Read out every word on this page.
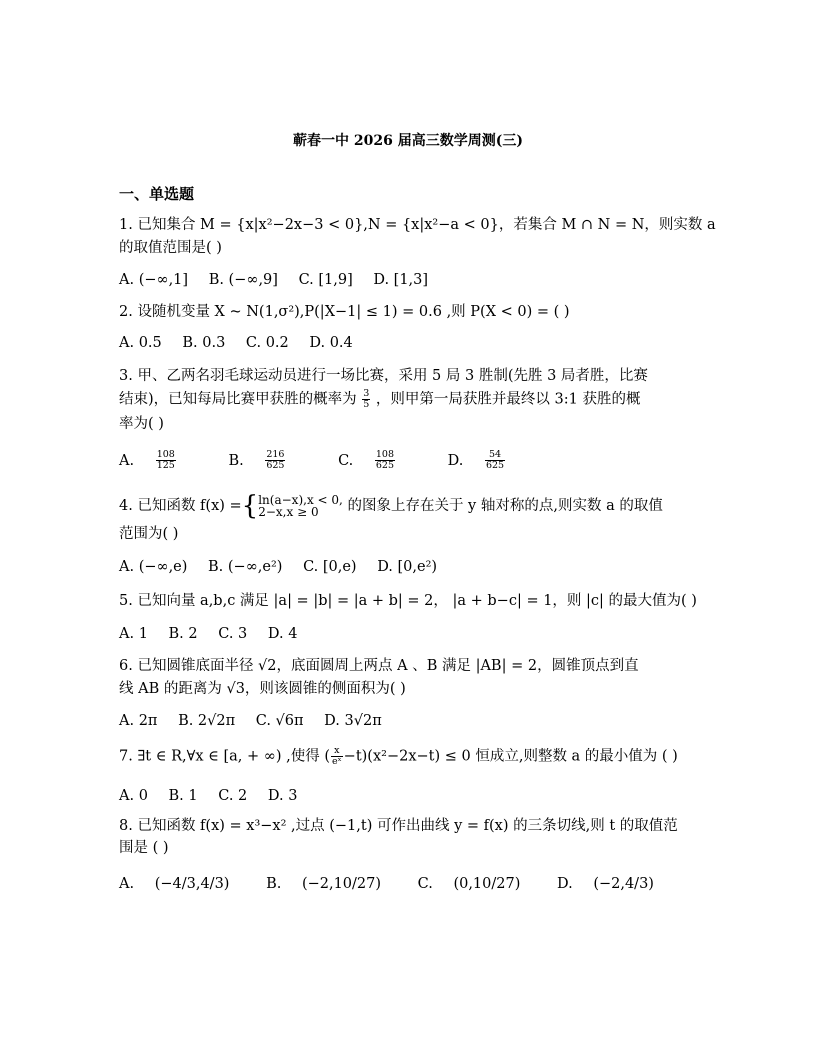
蕲春一中 2026 届高三数学周测(三)
一、单选题
1. 已知集合 M = {x|x²−2x−3 < 0},N = {x|x²−a < 0}，若集合 M ∩ N = N，则实数 a
的取值范围是( )
A. (−∞,1] B. (−∞,9] C. [1,9] D. [1,3]
2. 设随机变量 X ~ N(1,σ²),P(|X−1| ≤ 1) = 0.6 ,则 P(X < 0) = ( )
A. 0.5 B. 0.3 C. 0.2 D. 0.4
3. 甲、乙两名羽毛球运动员进行一场比赛，采用 5 局 3 胜制(先胜 3 局者胜，比赛
结束)，已知每局比赛甲获胜的概率为 $\frac{3}{5}$ ，则甲第一局获胜并最终以 3:1 获胜的概
率为( )
A. $\frac{108}{125}$	B. $\frac{216}{625}$	C. $\frac{108}{625}$	D. $\frac{54}{625}$
4. 已知函数 f(x) ={ ln(a−x),x < 0,
2−x,x ≥ 0	的图象上存在关于 y 轴对称的点,则实数 a 的取值
范围为( )
A. (−∞,e) B. (−∞,e²) C. [0,e) D. [0,e²)
5. 已知向量 a,b,c 满足 |a| = |b| = |a + b| = 2， |a + b−c| = 1，则 |c| 的最大值为( )
A. 1 B. 2 C. 3 D. 4
6. 已知圆锥底面半径 √2，底面圆周上两点 A 、B 满足 |AB| = 2，圆锥顶点到直
线 AB 的距离为 √3，则该圆锥的侧面积为( )
A. 2π B. 2√2π C. √6π D. 3√2π
7. ∃t ∈ R,∀x ∈ [a, + ∞) ,使得 ( $\frac{x}{\text{eˣ}} -t)(x^2-2x-t) \le 0$ 恒成立,则整数 a 的最小值为 ( )
A. 0 B. 1 C. 2 D. 3
8. 已知函数 f(x) = x³−x² ,过点 (−1,t) 可作出曲线 y = f(x) 的三条切线,则 t 的取值范
围是 ( )
A. (−4/3,4/3)	B. (−2,10/27)	C. (0,10/27)	D. (−2,4/3)
